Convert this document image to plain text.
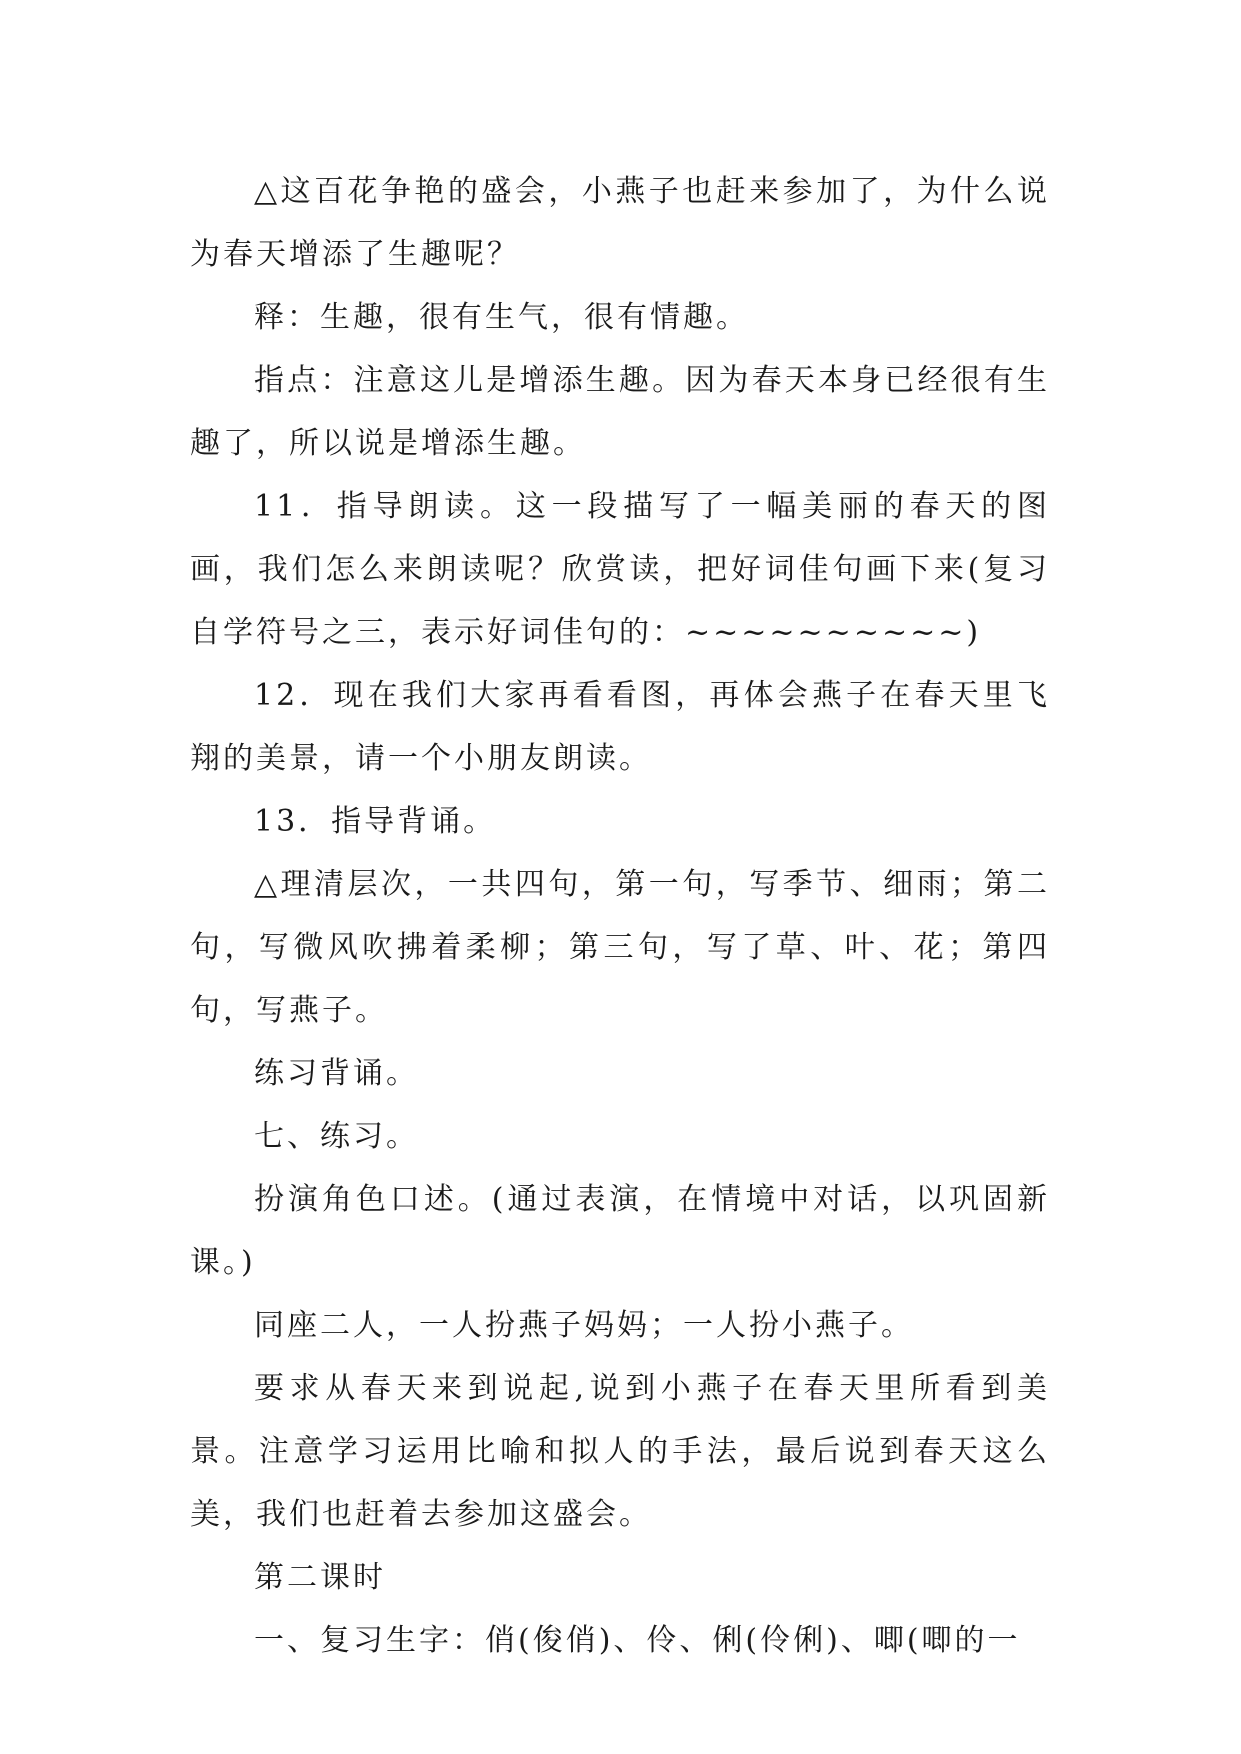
△这百花争艳的盛会，小燕子也赶来参加了，为什么说为春天增添了生趣呢？

释：生趣，很有生气，很有情趣。

指点：注意这儿是增添生趣。因为春天本身已经很有生趣了，所以说是增添生趣。

11．指导朗读。这一段描写了一幅美丽的春天的图画，我们怎么来朗读呢？欣赏读，把好词佳句画下来(复习自学符号之三，表示好词佳句的：~~~~~~~~~~)

12．现在我们大家再看看图，再体会燕子在春天里飞翔的美景，请一个小朋友朗读。

13．指导背诵。

△理清层次，一共四句，第一句，写季节、细雨；第二句，写微风吹拂着柔柳；第三句，写了草、叶、花；第四句，写燕子。

练习背诵。

七、练习。

扮演角色口述。(通过表演，在情境中对话，以巩固新课。)

同座二人，一人扮燕子妈妈；一人扮小燕子。

要求从春天来到说起,说到小燕子在春天里所看到美景。注意学习运用比喻和拟人的手法，最后说到春天这么美，我们也赶着去参加这盛会。

第二课时

一、复习生字：俏(俊俏)、伶、俐(伶俐)、唧(唧的一
